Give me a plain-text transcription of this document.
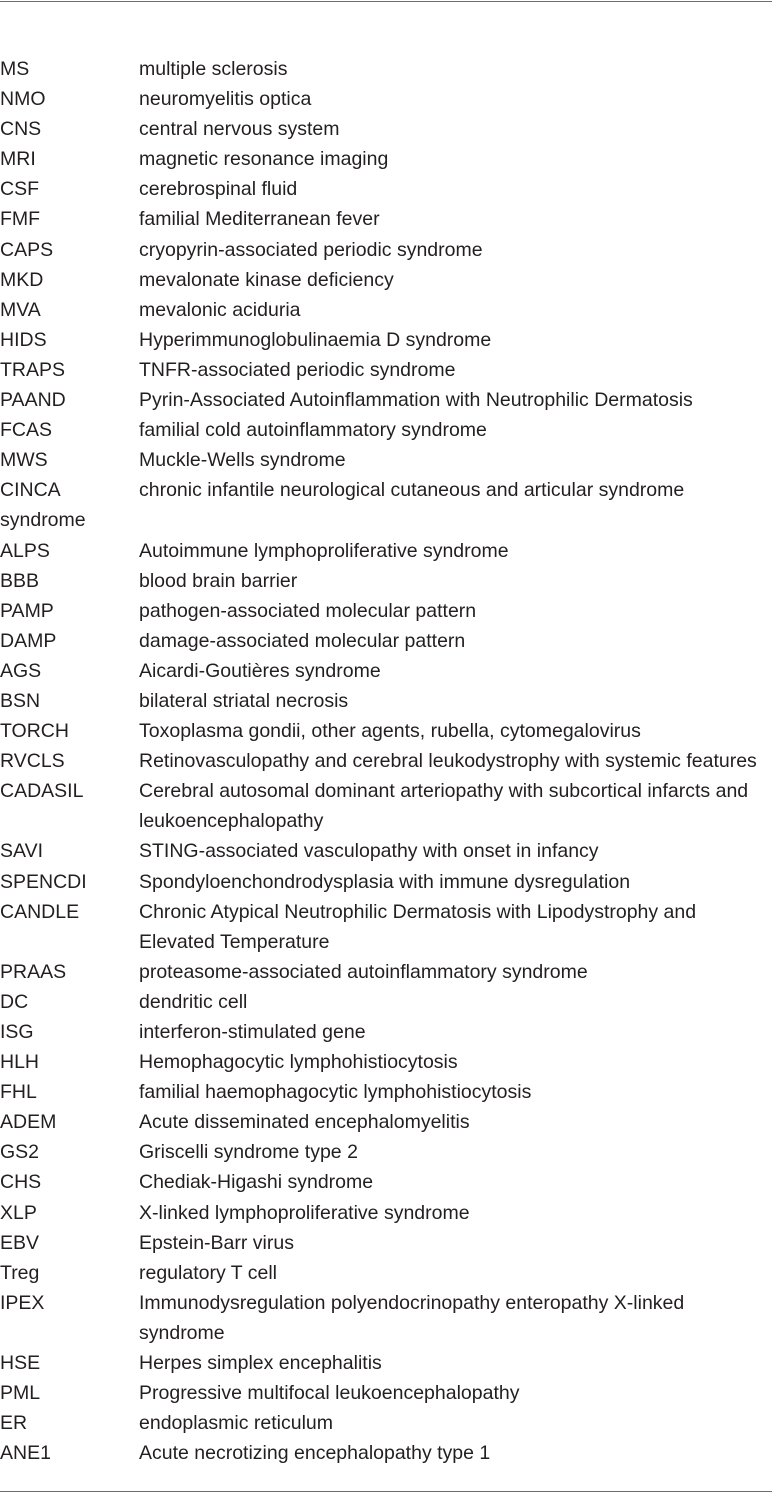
MS	multiple sclerosis
NMO	neuromyelitis optica
CNS	central nervous system
MRI	magnetic resonance imaging
CSF	cerebrospinal fluid
FMF	familial Mediterranean fever
CAPS	cryopyrin-associated periodic syndrome
MKD	mevalonate kinase deficiency
MVA	mevalonic aciduria
HIDS	Hyperimmunoglobulinaemia D syndrome
TRAPS	TNFR-associated periodic syndrome
PAAND	Pyrin-Associated Autoinflammation with Neutrophilic Dermatosis
FCAS	familial cold autoinflammatory syndrome
MWS	Muckle-Wells syndrome
CINCA	chronic infantile neurological cutaneous and articular syndrome
syndrome	
ALPS	Autoimmune lymphoproliferative syndrome
BBB	blood brain barrier
PAMP	pathogen-associated molecular pattern
DAMP	damage-associated molecular pattern
AGS	Aicardi-Goutières syndrome
BSN	bilateral striatal necrosis
TORCH	Toxoplasma gondii, other agents, rubella, cytomegalovirus
RVCLS	Retinovasculopathy and cerebral leukodystrophy with systemic features
CADASIL	Cerebral autosomal dominant arteriopathy with subcortical infarcts and leukoencephalopathy
SAVI	STING-associated vasculopathy with onset in infancy
SPENCDI	Spondyloenchondrodysplasia with immune dysregulation
CANDLE	Chronic Atypical Neutrophilic Dermatosis with Lipodystrophy and Elevated Temperature
PRAAS	proteasome-associated autoinflammatory syndrome
DC	dendritic cell
ISG	interferon-stimulated gene
HLH	Hemophagocytic lymphohistiocytosis
FHL	familial haemophagocytic lymphohistiocytosis
ADEM	Acute disseminated encephalomyelitis
GS2	Griscelli syndrome type 2
CHS	Chediak-Higashi syndrome
XLP	X-linked lymphoproliferative syndrome
EBV	Epstein-Barr virus
Treg	regulatory T cell
IPEX	Immunodysregulation polyendocrinopathy enteropathy X-linked syndrome
HSE	Herpes simplex encephalitis
PML	Progressive multifocal leukoencephalopathy
ER	endoplasmic reticulum
ANE1	Acute necrotizing encephalopathy type 1
